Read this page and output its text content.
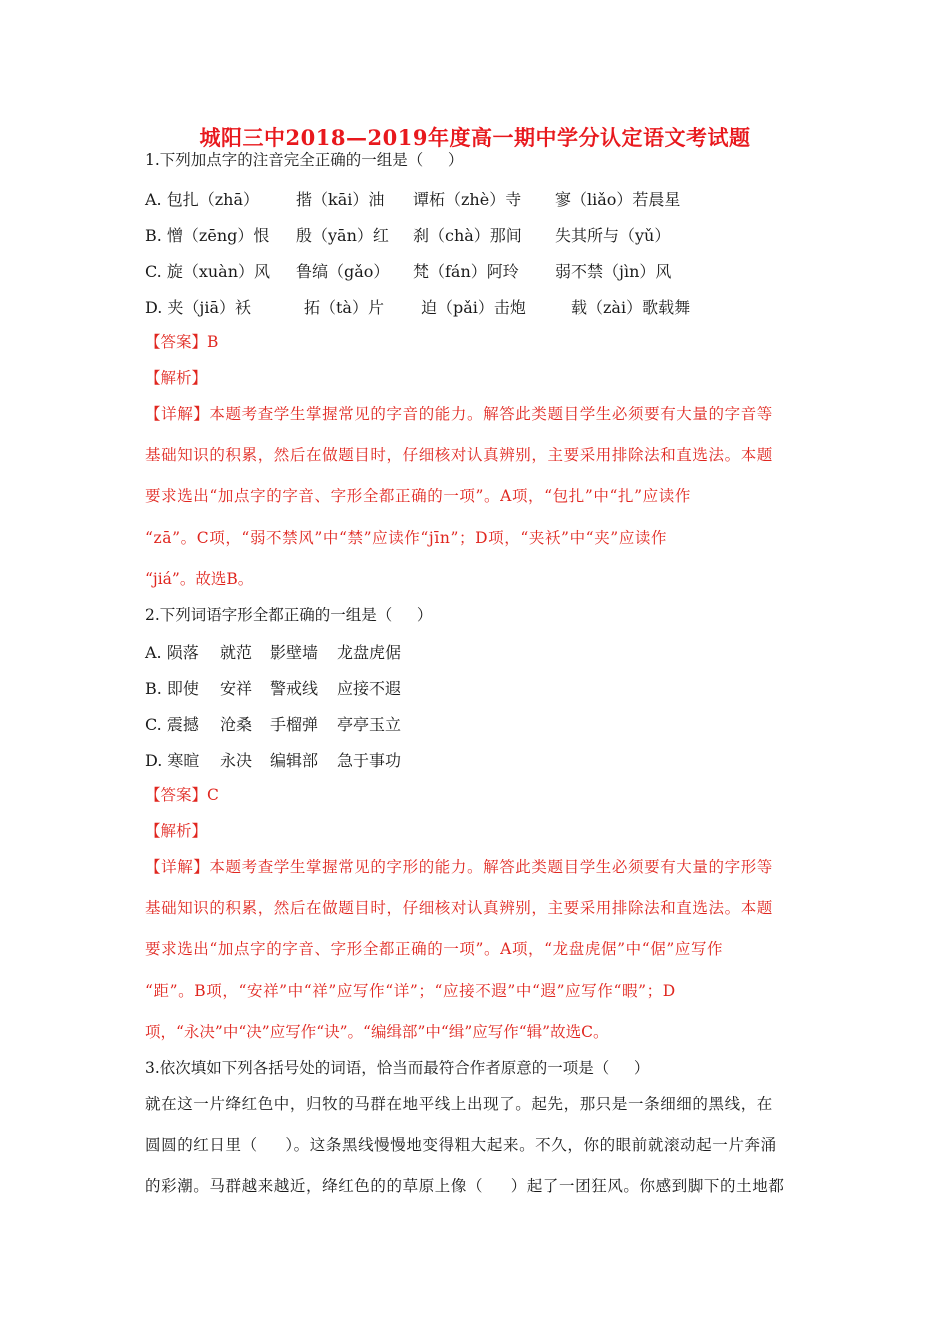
城阳三中2018—2019年度高一期中学分认定语文考试题
1.下列加点字的注音完全正确的一组是（     ）
A. 包扎（zhā） 揩（kāi）油 谭柘（zhè）寺 寥（liǎo）若晨星
B. 憎（zēng）恨 殷（yān）红 刹（chà）那间 失其所与（yǔ）
C. 旋（xuàn）风 鲁缟（gǎo） 梵（fán）阿玲 弱不禁（jìn）风
D. 夹（jiā）袄	拓（tà）片 迫（pǎi）击炮	载（zài）歌载舞
【答案】B
【解析】
【详解】本题考查学生掌握常见的字音的能力。解答此类题目学生必须要有大量的字音等
基础知识的积累，然后在做题目时，仔细核对认真辨别，主要采用排除法和直选法。本题
要求选出“加点字的字音、字形全都正确的一项”。A项，“包扎”中“扎”应读作
“zā”。C项，“弱不禁风”中“禁”应读作“jīn”；D项，“夹袄”中“夹”应读作
“jiá”。故选B。
2.下列词语字形全都正确的一组是（     ）
A. 陨落 就范 影壁墙 龙盘虎倨
B. 即使 安祥 警戒线 应接不遐
C. 震撼 沧桑 手榴弹 亭亭玉立
D. 寒暄 永决 编辑部 急于事功
【答案】C
【解析】
【详解】本题考查学生掌握常见的字形的能力。解答此类题目学生必须要有大量的字形等
基础知识的积累，然后在做题目时，仔细核对认真辨别，主要采用排除法和直选法。本题
要求选出“加点字的字音、字形全都正确的一项”。A项，“龙盘虎倨”中“倨”应写作
“距”。B项，“安祥”中“祥”应写作“详”；“应接不遐”中“遐”应写作“暇”；D
项，“永决”中“决”应写作“诀”。“编缉部”中“缉”应写作“辑”故选C。
3.依次填如下列各括号处的词语，恰当而最符合作者原意的一项是（     ）
就在这一片绛红色中，归牧的马群在地平线上出现了。起先，那只是一条细细的黑线，在
圆圆的红日里（     ）。这条黑线慢慢地变得粗大起来。不久，你的眼前就滚动起一片奔涌
的彩潮。马群越来越近，绛红色的的草原上像（     ）起了一团狂风。你感到脚下的土地都
